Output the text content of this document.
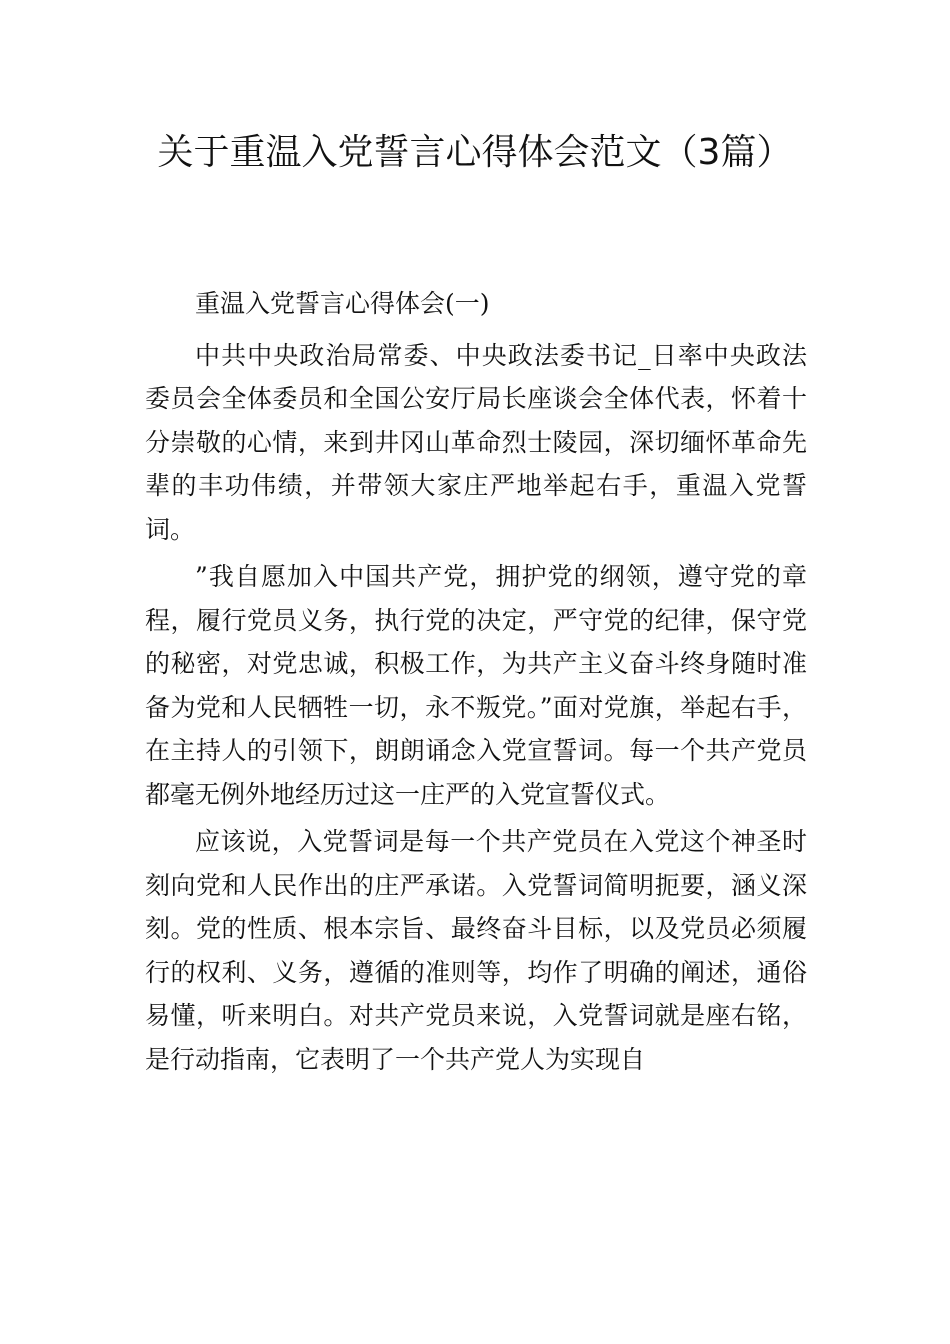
关于重温入党誓言心得体会范文（3篇）

重温入党誓言心得体会(一)

中共中央政治局常委、中央政法委书记_日率中央政法委员会全体委员和全国公安厅局长座谈会全体代表，怀着十分崇敬的心情，来到井冈山革命烈士陵园，深切缅怀革命先辈的丰功伟绩，并带领大家庄严地举起右手，重温入党誓词。

”我自愿加入中国共产党，拥护党的纲领，遵守党的章程，履行党员义务，执行党的决定，严守党的纪律，保守党的秘密，对党忠诚，积极工作，为共产主义奋斗终身随时准备为党和人民牺牲一切，永不叛党。”面对党旗，举起右手，在主持人的引领下，朗朗诵念入党宣誓词。每一个共产党员都毫无例外地经历过这一庄严的入党宣誓仪式。

应该说，入党誓词是每一个共产党员在入党这个神圣时刻向党和人民作出的庄严承诺。入党誓词简明扼要，涵义深刻。党的性质、根本宗旨、最终奋斗目标，以及党员必须履行的权利、义务，遵循的准则等，均作了明确的阐述，通俗易懂，听来明白。对共产党员来说，入党誓词就是座右铭，是行动指南，它表明了一个共产党人为实现自
